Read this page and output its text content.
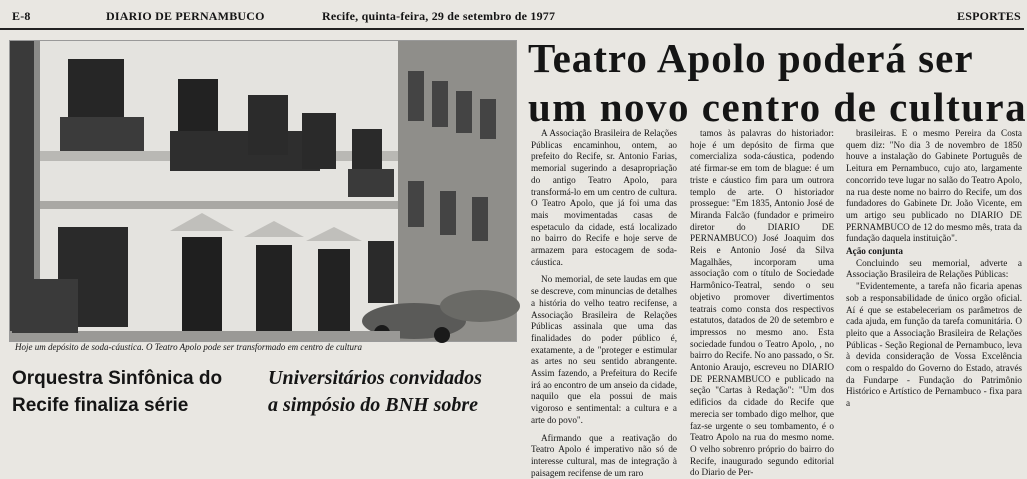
E-8	DIARIO DE PERNAMBUCO	Recife, quinta-feira, 29 de setembro de 1977	ESPORTES
Hoje um depósito de soda-cáustica. O Teatro Apolo pode ser transformado em centro de cultura
Teatro Apolo poderá ser
um novo centro de cultura

A Associação Brasileira de Relações Públicas encaminhou, ontem, ao prefeito do Recife, sr. Antonio Farias, memorial sugerindo a desapropriação do antigo Teatro Apolo, para transformá-lo em um centro de cultura. O Teatro Apolo, que já foi uma das mais movimentadas casas de espetaculo da cidade, está localizado no bairro do Recife e hoje serve de armazem para estocagem de soda-cáustica.

No memorial, de sete laudas em que se descreve, com minuncias de detalhes a história do velho teatro recifense, a Associação Brasileira de Relações Públicas assinala que uma das finalidades do poder público é, exatamente, a de "proteger e estimular as artes no seu sentido abrangente. Assim fazendo, a Prefeitura do Recife irá ao encontro de um anseio da cidade, naquilo que ela possui de mais vigoroso e sentimental: a cultura e a arte do povo".

Afirmando que a reativação do Teatro Apolo é imperativo não só de interesse cultural, mas de integração à paisagem recifense de um raro

tamos às palavras do historiador: hoje é um depósito de firma que comercializa soda-cáustica, podendo até firmar-se em tom de blague: é um triste e cáustico fim para um outrora templo de arte. O historiador prossegue: "Em 1835, Antonio José de Miranda Falcão (fundador e primeiro diretor do DIARIO DE PERNAMBUCO) José Joaquim dos Reis e Antonio José da Silva Magalhães, incorporam uma associação com o título de Sociedade Harmônico-Teatral, sendo o seu objetivo promover divertimentos teatrais como consta dos respectivos estatutos, datados de 20 de setembro e impressos no mesmo ano. Esta sociedade fundou o Teatro Apolo, , no bairro do Recife. No ano passado, o Sr. Antonio Araujo, escreveu no DIARIO DE PERNAMBUCO e publicado na seção "Cartas à Redação": "Um dos edificios da cidade do Recife que merecia ser tombado digo melhor, que faz-se urgente o seu tombamento, é o Teatro Apolo na rua do mesmo nome. O velho sobrenro próprio do bairro do Recife, inaugurado segundo editorial do Diario de Per-

brasileiras. E o mesmo Pereira da Costa quem diz: "No dia 3 de novembro de 1850 houve a instalação do Gabinete Português de Leitura em Pernambuco, cujo ato, largamente concorrido teve lugar no salão do Teatro Apolo, na rua deste nome no bairro do Recife, um dos fundadores do Gabinete Dr. João Vicente, em um artigo seu publicado no DIARIO DE PERNAMBUCO de 12 do mesmo mês, trata da fundação daquela instituição".

Ação conjunta

Concluindo seu memorial, adverte a Associação Brasileira de Relações Públicas:

"Evidentemente, a tarefa não ficaria apenas sob a responsabilidade de único orgão oficial. Aí é que se estabeleceriam os parâmetros de cada ajuda, em função da tarefa comunitária. O pleito que a Associação Brasileira de Relações Públicas - Seção Regional de Pernambuco, leva à devida consideração de Vossa Excelência com o respaldo do Governo do Estado, através da Fundarpe - Fundação do Patrimônio Histórico e Artístico de Pernambuco - fixa para a

Orquestra Sinfônica do
Recife finaliza série
Universitários convidados
a simpósio do BNH sobre
